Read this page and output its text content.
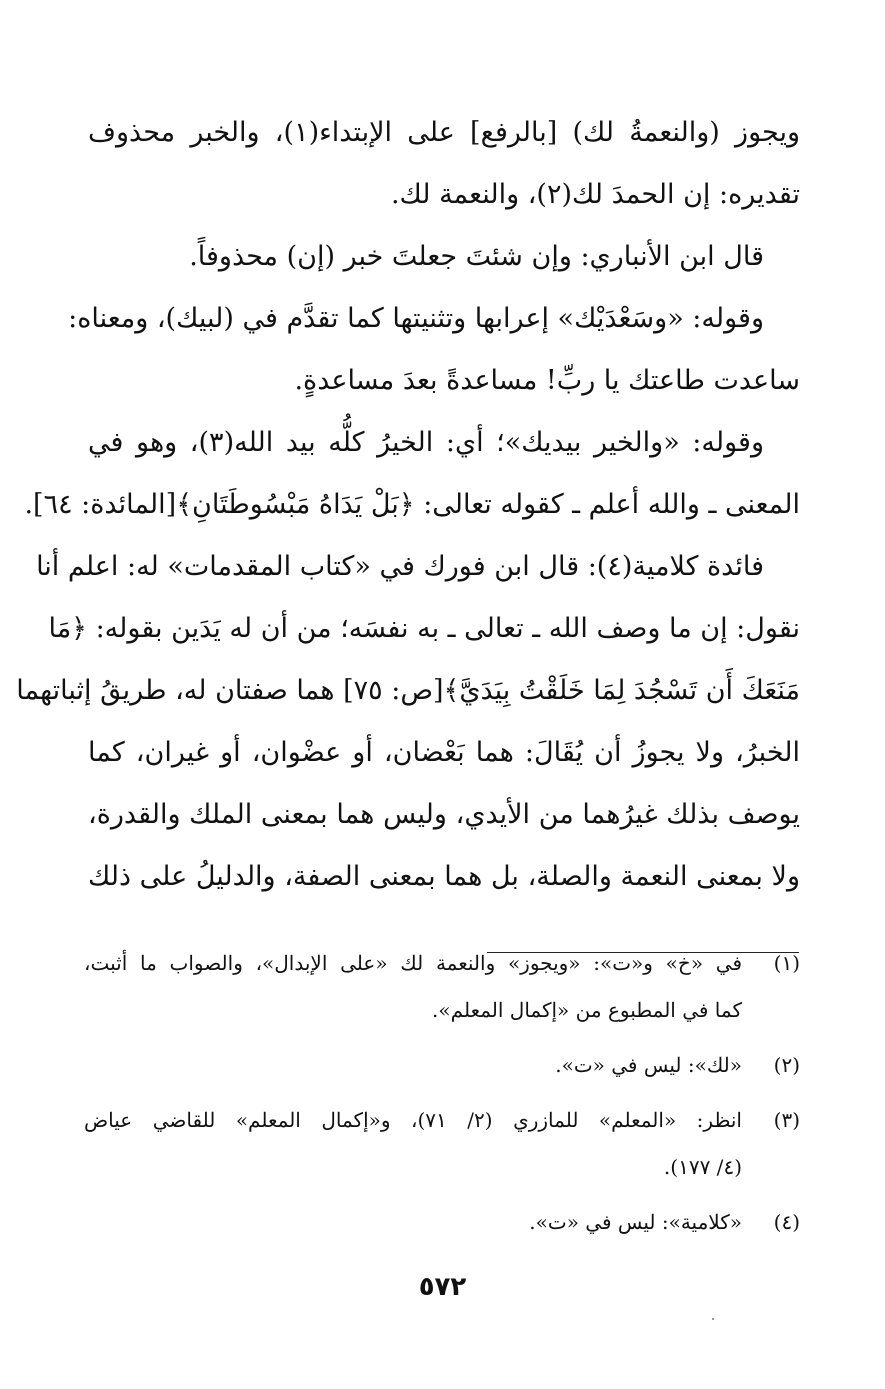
ويجوز (والنعمةُ لك) [بالرفع] على الإبتداء(١)، والخبر محذوف
تقديره: إن الحمدَ لك(٢)، والنعمة لك.
قال ابن الأنباري: وإن شئتَ جعلتَ خبر (إن) محذوفاً.
وقوله: «وسَعْدَيْك» إعرابها وتثنيتها كما تقدَّم في (لبيك)، ومعناه:
ساعدت طاعتك يا ربِّ! مساعدةً بعدَ مساعدةٍ.
وقوله: «والخير بيديك»؛ أي: الخيرُ كلُّه بيد الله(٣)، وهو في
المعنى ـ والله أعلم ـ كقوله تعالى: ﴿بَلْ يَدَاهُ مَبْسُوطَتَانِ﴾[المائدة: ٦٤].
فائدة كلامية(٤): قال ابن فورك في «كتاب المقدمات» له: اعلم أنا
نقول: إن ما وصف الله ـ تعالى ـ به نفسَه؛ من أن له يَدَين بقوله: ﴿مَا
مَنَعَكَ أَن تَسْجُدَ لِمَا خَلَقْتُ بِيَدَيَّ﴾[ص: ٧٥] هما صفتان له، طريقُ إثباتهما
الخبرُ، ولا يجوزُ أن يُقَالَ: هما بَعْضان، أو عضْوان، أو غيران، كما
يوصف بذلك غيرُهما من الأيدي، وليس هما بمعنى الملك والقدرة،
ولا بمعنى النعمة والصلة، بل هما بمعنى الصفة، والدليلُ على ذلك
(١)
في «خ» و«ت»: «ويجوز» والنعمة لك «على الإبدال»، والصواب ما أثبت،
كما في المطبوع من «إكمال المعلم».
(٢)
«لك»: ليس في «ت».
(٣)
انظر: «المعلم» للمازري (٢/ ٧١)، و«إكمال المعلم» للقاضي عياض
(٤/ ١٧٧).
(٤)
«كلامية»: ليس في «ت».
٥٧٢
